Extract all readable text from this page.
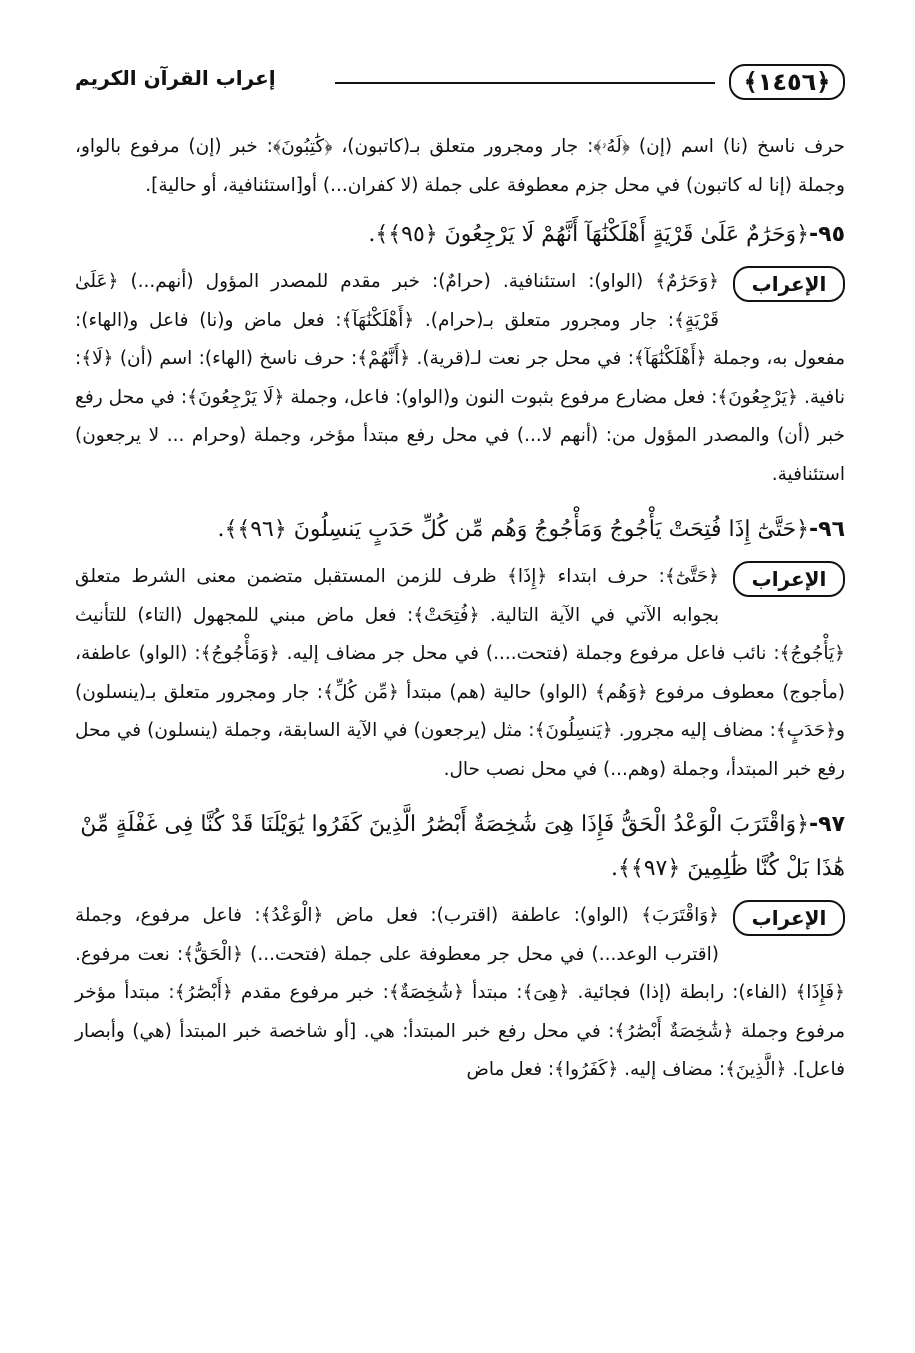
﴿١٤٥٦﴾
إعراب القرآن الكريم

حرف ناسخ (نا) اسم (إن) ﴿لَهُۥ﴾: جار ومجرور متعلق بـ(كاتبون)، ﴿كَٰتِبُونَ﴾: خبر (إن) مرفوع بالواو، وجملة (إنا له كاتبون) في محل جزم معطوفة على جملة (لا كفران...) أو[استئنافية، أو حالية].

٩٥-﴿وَحَرَٰمٌ عَلَىٰ قَرْيَةٍ أَهْلَكْنَٰهَآ أَنَّهُمْ لَا يَرْجِعُونَ ﴿٩٥﴾﴾.
الإعراب

﴿وَحَرَٰمٌ﴾ (الواو): استئنافية. (حرامٌ): خبر مقدم للمصدر المؤول (أنهم...) ﴿عَلَىٰ قَرْيَةٍ﴾: جار ومجرور متعلق بـ(حرام). ﴿أَهْلَكْنَٰهَآ﴾: فعل ماض و(نا) فاعل و(الهاء): مفعول به، وجملة ﴿أَهْلَكْنَٰهَآ﴾: في محل جر نعت لـ(قرية). ﴿أَنَّهُمْ﴾: حرف ناسخ (الهاء): اسم (أن) ﴿لَا﴾: نافية. ﴿يَرْجِعُونَ﴾: فعل مضارع مرفوع بثبوت النون و(الواو): فاعل، وجملة ﴿لَا يَرْجِعُونَ﴾: في محل رفع خبر (أن) والمصدر المؤول من: (أنهم لا...) في محل رفع مبتدأ مؤخر، وجملة (وحرام ... لا يرجعون) استئنافية.

٩٦-﴿حَتَّىٰٓ إِذَا فُتِحَتْ يَأْجُوجُ وَمَأْجُوجُ وَهُم مِّن كُلِّ حَدَبٍ يَنسِلُونَ ﴿٩٦﴾﴾.
الإعراب

﴿حَتَّىٰٓ﴾: حرف ابتداء ﴿إِذَا﴾ ظرف للزمن المستقبل متضمن معنى الشرط متعلق بجوابه الآتي في الآية التالية. ﴿فُتِحَتْ﴾: فعل ماض مبني للمجهول (التاء) للتأنيث ﴿يَأْجُوجُ﴾: نائب فاعل مرفوع وجملة (فتحت....) في محل جر مضاف إليه. ﴿وَمَأْجُوجُ﴾: (الواو) عاطفة، (مأجوج) معطوف مرفوع ﴿وَهُم﴾ (الواو) حالية (هم) مبتدأ ﴿مِّن كُلِّ﴾: جار ومجرور متعلق بـ(ينسلون) و﴿حَدَبٍ﴾: مضاف إليه مجرور. ﴿يَنسِلُونَ﴾: مثل (يرجعون) في الآية السابقة، وجملة (ينسلون) في محل رفع خبر المبتدأ، وجملة (وهم...) في محل نصب حال.

٩٧-﴿وَاقْتَرَبَ الْوَعْدُ الْحَقُّ فَإِذَا هِىَ شَٰخِصَةٌ أَبْصَٰرُ الَّذِينَ كَفَرُوا يَٰوَيْلَنَا قَدْ كُنَّا فِى غَفْلَةٍ مِّنْ هَٰذَا بَلْ كُنَّا ظَٰلِمِينَ ﴿٩٧﴾﴾.
الإعراب

﴿وَاقْتَرَبَ﴾ (الواو): عاطفة (اقترب): فعل ماض ﴿الْوَعْدُ﴾: فاعل مرفوع، وجملة (اقترب الوعد...) في محل جر معطوفة على جملة (فتحت...) ﴿الْحَقُّ﴾: نعت مرفوع. ﴿فَإِذَا﴾ (الفاء): رابطة (إذا) فجائية. ﴿هِىَ﴾: مبتدأ ﴿شَٰخِصَةٌ﴾: خبر مرفوع مقدم ﴿أَبْصَٰرُ﴾: مبتدأ مؤخر مرفوع وجملة ﴿شَٰخِصَةٌ أَبْصَٰرُ﴾: في محل رفع خبر المبتدأ: هي. [أو شاخصة خبر المبتدأ (هي) وأبصار فاعل]. ﴿الَّذِينَ﴾: مضاف إليه. ﴿كَفَرُوا﴾: فعل ماض
